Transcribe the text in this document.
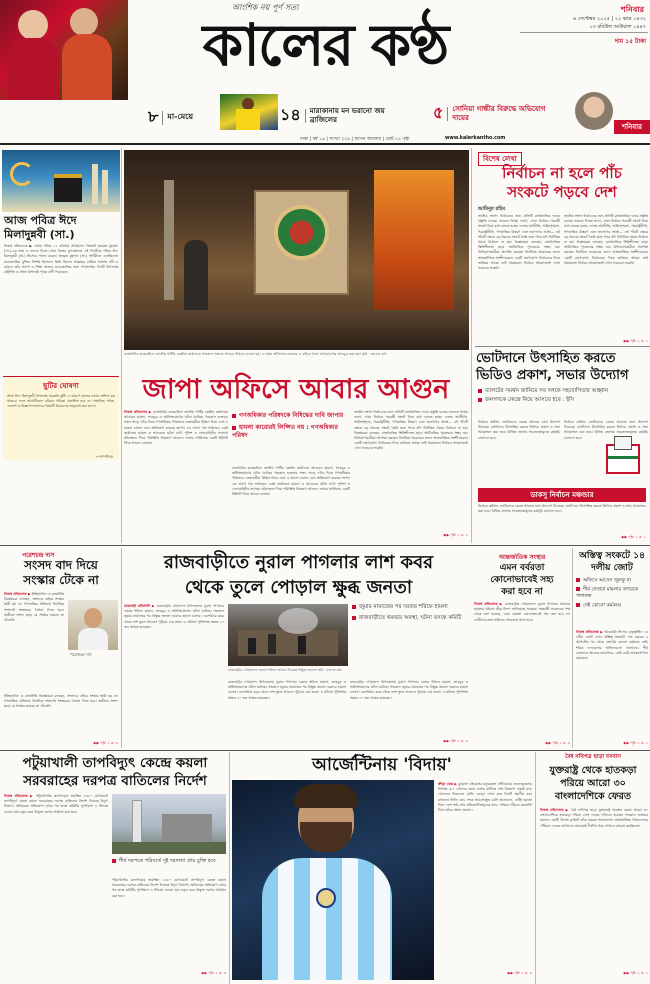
আংশিক নয় পূর্ণ সত্য
কালের কণ্ঠ
শনিবার
৬ সেপ্টেম্বর ২০২৫ | ২২ ভাদ্র ১৪৩২
১৩ রবিউল আউয়াল ১৪৪৭
দাম ১৫ টাকা
৮ মা-মেয়ে	১৪ মারাকানায় মন ভরানো জয় ব্রাজিলের	৫ সোনিয়া গান্ধীর বিরুদ্ধে অভিযোগ দায়ের
ঢাকা | বর্ষ ১৬ | সংখ্যা ২২৯ | আপন আলোয় | মোট ২৪ পৃষ্ঠা	www.kalerkantho.com
শনিবার
আজ পবিত্র ঈদে মিলাদুন্নবী (সা.)
নিজস্ব প্রতিবেদক ▶ আজ পবিত্র ১২ রবিউল আউয়াল। বিশ্বনবী হজরত মুহাম্মদ (সা.)-এর জন্ম ও ওফাত দিবস। সারা বিশ্বের মুসলমানরা এই দিনটিকে পবিত্র ঈদে মিলাদুন্নবী (সা.) হিসেবে পালন করেন। হজরত মুহাম্মদ (সা.) পৃথিবীতে এসেছিলেন মানবজাতির মুক্তির দিশারি হিসেবে। তিনি ছিলেন আল্লাহর প্রেরিত সর্বশেষ নবী ও রাসুল। তাঁর আদর্শ ও শিক্ষা আজও মানবজাতির জন্য পথপ্রদর্শক। দিনটি উপলক্ষে রাষ্ট্রপতি ও প্রধান উপদেষ্টা পৃথক বাণী দিয়েছেন।
ছুটির ঘোষণা
আজ ঈদে মিলাদুন্নবী উপলক্ষে সরকারি ছুটি। এ কারণে কালের কণ্ঠের অফিস বন্ধ থাকবে। ফলে আগামীকাল রবিবার পত্রিকা প্রকাশিত হবে না। সম্মানিত পাঠক, এজেন্ট ও বিজ্ঞাপনদাতাদের বিষয়টি বিবেচনার অনুরোধ করা হলো।
—সম্পাদক
রাজধানীর কাকরাইলে জাতীয় পার্টির কেন্দ্রীয় কার্যালয়ে গতকাল সন্ধ্যার আগুন ধরিয়ে দেওয়া হয়। এ সময় অফিসের ভেতরে ও বাইরে থাকা আসবাবপত্র ভাঙচুর করা হয়। ছবি : কালের কণ্ঠ
জাপা অফিসে আবার আগুন
নিজস্ব প্রতিবেদক ▶ রাজধানীর কাকরাইলে জাতীয় পার্টির কেন্দ্রীয় কার্যালয়ে আবারও হামলা, ভাঙচুর ও অগ্নিসংযোগের ঘটনা ঘটেছে। গতকাল শুক্রবার সন্ধ্যা সাড়ে ৭টার দিকে গণঅধিকার পরিষদের নেতাকর্মীরা মিছিল নিয়ে এসে এ হামলা চালান বলে অভিযোগ করেছে জাপা। এর আগে গত সপ্তাহেও একই কার্যালয়ে হামলা ও আগুনের ঘটনা ঘটে। পুলিশ ও সেনাবাহিনীর সদস্যরা ঘটনাস্থলে গিয়ে পরিস্থিতি নিয়ন্ত্রণে আনেন। ফায়ার সার্ভিসের একটি ইউনিট গিয়ে আগুন নেভায়।
গণঅধিকার পরিষদকে নিষিদ্ধের দাবি জাপার
হামলা কারোরই লিপ্সিত নয় : গণঅধিকার পরিষদ
রাজধানীর কাকরাইলে জাতীয় পার্টির কেন্দ্রীয় কার্যালয়ে আবারও হামলা, ভাঙচুর ও অগ্নিসংযোগের ঘটনা ঘটেছে। গতকাল শুক্রবার সন্ধ্যা সাড়ে ৭টার দিকে গণঅধিকার পরিষদের নেতাকর্মীরা মিছিল নিয়ে এসে এ হামলা চালান বলে অভিযোগ করেছে জাপা। এর আগে গত সপ্তাহেও একই কার্যালয়ে হামলা ও আগুনের ঘটনা ঘটে। পুলিশ ও সেনাবাহিনীর সদস্যরা ঘটনাস্থলে গিয়ে পরিস্থিতি নিয়ন্ত্রণে আনেন। ফায়ার সার্ভিসের একটি ইউনিট গিয়ে আগুন নেভায়।
জাতীয় সংসদ নির্বাচনের জন্য প্রতিটি রাজনৈতিক দলের প্রস্তুতি চলছে। ভাবতে বিস্ময় লাগে, এখন নির্বাচন পরবর্তী সংকট নিয়ে কথা বলতে হচ্ছে। দেশের অর্থনীতি, আইনশৃঙ্খলা, পররাষ্ট্রনীতি, গণতান্ত্রিক উত্তরণ এবং জনগণের আস্থা— এই পাঁচটি ক্ষেত্রে বড় ধরনের সংকট তৈরি হতে পারে যদি নির্ধারিত সময়ে নির্বাচন না হয়। বিশ্লেষকরা বলছেন, রাজনৈতিক স্থিতিশীলতা ছাড়া অর্থনৈতিক পুনরুদ্ধার সম্ভব নয়। বিনিয়োগকারীরা অপেক্ষা করছেন নির্বাচিত সরকারের জন্য। আন্তর্জাতিক অংশীদাররাও একটি গ্রহণযোগ্য নির্বাচনের দিকে তাকিয়ে আছে। তাই সময়মতো নির্বাচন আয়োজনই এখন সবচেয়ে জরুরি।
▶▶ পৃষ্ঠা ২ ক. ২
বিশেষ লেখা
নির্বাচন না হলে পাঁচ
সংকটে পড়বে দেশ
আমিনুর রহিম
জাতীয় সংসদ নির্বাচনের জন্য প্রতিটি রাজনৈতিক দলের প্রস্তুতি চলছে। ভাবতে বিস্ময় লাগে, এখন নির্বাচন পরবর্তী সংকট নিয়ে কথা বলতে হচ্ছে। দেশের অর্থনীতি, আইনশৃঙ্খলা, পররাষ্ট্রনীতি, গণতান্ত্রিক উত্তরণ এবং জনগণের আস্থা— এই পাঁচটি ক্ষেত্রে বড় ধরনের সংকট তৈরি হতে পারে যদি নির্ধারিত সময়ে নির্বাচন না হয়। বিশ্লেষকরা বলছেন, রাজনৈতিক স্থিতিশীলতা ছাড়া অর্থনৈতিক পুনরুদ্ধার সম্ভব নয়। বিনিয়োগকারীরা অপেক্ষা করছেন নির্বাচিত সরকারের জন্য। আন্তর্জাতিক অংশীদাররাও একটি গ্রহণযোগ্য নির্বাচনের দিকে তাকিয়ে আছে। তাই সময়মতো নির্বাচন আয়োজনই এখন সবচেয়ে জরুরি।
জাতীয় সংসদ নির্বাচনের জন্য প্রতিটি রাজনৈতিক দলের প্রস্তুতি চলছে। ভাবতে বিস্ময় লাগে, এখন নির্বাচন পরবর্তী সংকট নিয়ে কথা বলতে হচ্ছে। দেশের অর্থনীতি, আইনশৃঙ্খলা, পররাষ্ট্রনীতি, গণতান্ত্রিক উত্তরণ এবং জনগণের আস্থা— এই পাঁচটি ক্ষেত্রে বড় ধরনের সংকট তৈরি হতে পারে যদি নির্ধারিত সময়ে নির্বাচন না হয়। বিশ্লেষকরা বলছেন, রাজনৈতিক স্থিতিশীলতা ছাড়া অর্থনৈতিক পুনরুদ্ধার সম্ভব নয়। বিনিয়োগকারীরা অপেক্ষা করছেন নির্বাচিত সরকারের জন্য। আন্তর্জাতিক অংশীদাররাও একটি গ্রহণযোগ্য নির্বাচনের দিকে তাকিয়ে আছে। তাই সময়মতো নির্বাচন আয়োজনই এখন সবচেয়ে জরুরি।
▶▶ পৃষ্ঠা ২ ক. ২
ভোটদানে উৎসাহিত করতে
ভিডিও প্রকাশ, সভার উদ্যোগ
ব্যালটের সমর্থন জানিয়ে সব দলকে সহযোগিতার আহ্বান
জনগণকে কেন্দ্রে নিয়ে আসতে হবে : ইসি
নির্বাচন কমিশন ভোটারদের কেন্দ্রে আনতে নানা উদ্যোগ নিয়েছে। ভোটদানে উৎসাহিত করতে ভিডিও প্রকাশ ও সভা আয়োজন করা হবে। বিভিন্ন জেলায় সচেতনতামূলক কর্মসূচি চালানো হবে।
নির্বাচন কমিশন ভোটারদের কেন্দ্রে আনতে নানা উদ্যোগ নিয়েছে। ভোটদানে উৎসাহিত করতে ভিডিও প্রকাশ ও সভা আয়োজন করা হবে। বিভিন্ন জেলায় সচেতনতামূলক কর্মসূচি চালানো হবে।
ডাকসু নির্বাচন মঞ্চন্ডার
নির্বাচন কমিশন ভোটারদের কেন্দ্রে আনতে নানা উদ্যোগ নিয়েছে। ভোটদানে উৎসাহিত করতে ভিডিও প্রকাশ ও সভা আয়োজন করা হবে। বিভিন্ন জেলায় সচেতনতামূলক কর্মসূচি চালানো হবে।
▶▶ পৃষ্ঠা ২ ক. ১
পরেশচন্দ্র দাস
সংসদ বাদ দিয়ে
সংস্কার টেকে না
নিজস্ব প্রতিবেদক ▶ ইতিহাসবিদ ও রাজনীতি বিশ্লেষকরা বলছেন, সংসদের বাইরে সংস্কার স্থায়ী হয় না। গণতান্ত্রিক প্রক্রিয়ায় নির্বাচিত সংসদেই সংস্কারের বৈধতা দিতে হবে। অতীতে সংসদ ছাড়া যে সংস্কার হয়েছে তা টেকেনি।
পরেশচন্দ্র দাস
ইতিহাসবিদ ও রাজনীতি বিশ্লেষকরা বলছেন, সংসদের বাইরে সংস্কার স্থায়ী হয় না। গণতান্ত্রিক প্রক্রিয়ায় নির্বাচিত সংসদেই সংস্কারের বৈধতা দিতে হবে। অতীতে সংসদ ছাড়া যে সংস্কার হয়েছে তা টেকেনি।
▶▶ পৃষ্ঠা ২ ক. ৩
রাজবাড়ীতে নুরাল পাগলার লাশ কবর
থেকে তুলে পোড়াল ক্ষুব্ধ জনতা
রাজবাড়ী প্রতিনিধি ▶ রাজবাড়ীর গোয়ালন্দ উপজেলায় নুরাল পাগলার দরবার শরিফে হামলা, ভাঙচুর ও অগ্নিসংযোগের ঘটনা ঘটেছে। গতকাল জুমার নামাজের পর বিক্ষুব্ধ জনতা দরবারে হামলা চালায়। একপর্যায়ে কবর থেকে লাশ তুলে আগুনে পুড়িয়ে দেয় তারা। এ ঘটনায় পুলিশসহ অন্তত ২০ জন আহত হয়েছেন।
জুমার নামাজের পর দরবার শরিফে হামলা
রাজবাড়ীতে থমথমে অবস্থা, ঘটনা তদন্তে কমিটি
রাজবাড়ীর গোয়ালন্দে দরবার শরিফে আগুন দিয়েছে বিক্ষুব্ধ জনতা। ছবি : কালের কণ্ঠ
রাজবাড়ীর গোয়ালন্দ উপজেলায় নুরাল পাগলার দরবার শরিফে হামলা, ভাঙচুর ও অগ্নিসংযোগের ঘটনা ঘটেছে। গতকাল জুমার নামাজের পর বিক্ষুব্ধ জনতা দরবারে হামলা চালায়। একপর্যায়ে কবর থেকে লাশ তুলে আগুনে পুড়িয়ে দেয় তারা। এ ঘটনায় পুলিশসহ অন্তত ২০ জন আহত হয়েছেন।
রাজবাড়ীর গোয়ালন্দ উপজেলায় নুরাল পাগলার দরবার শরিফে হামলা, ভাঙচুর ও অগ্নিসংযোগের ঘটনা ঘটেছে। গতকাল জুমার নামাজের পর বিক্ষুব্ধ জনতা দরবারে হামলা চালায়। একপর্যায়ে কবর থেকে লাশ তুলে আগুনে পুড়িয়ে দেয় তারা। এ ঘটনায় পুলিশসহ অন্তত ২০ জন আহত হয়েছেন।
▶▶ পৃষ্ঠা ২ ক. ৪
আন্তর্জাতিক সংস্থার
এমন বর্বরতা
কোনোভাবেই সহ্য
করা হবে না
নিজস্ব প্রতিবেদক ▶ রাজবাড়ীর গোয়ালন্দে নুরাল পাগলার মাজারে হামলার ঘটনায় তীব্র নিন্দা জানিয়েছে সরকার। অন্তর্বর্তী সরকারের পক্ষ থেকে বলা হয়েছে, এমন বর্বরতা কোনোভাবেই সহ্য করা হবে না। দোষীদের দ্রুত আইনের আওতায় আনা হবে।
▶▶ পৃষ্ঠা ২ ক. ৩
অস্তিত্ব সংকটে ১৪
দলীয় জোট
অফিসে আসেন জুলফু না
শীর্ষ নেতারা মামলার তদারকে পলাতক
নেই কোনো কর্মকাণ্ড
নিজস্ব প্রতিবেদক ▶ আওয়ামী লীগের নেতৃত্বাধীন ১৪ দলীয় জোট এখন অস্তিত্ব সংকটে। গত বছরের ৫ আগস্টের পর থেকে জোটের কোনো কর্মকাণ্ড নেই। শরিক দলগুলোর অফিসগুলো তালাবদ্ধ। শীর্ষ নেতাদের অনেকে কারাগারে, কেউ কেউ আত্মগোপনে রয়েছেন।
▶▶ পৃষ্ঠা ২ ক. ২
পটুয়াখালী তাপবিদ্যুৎ কেন্দ্রে কয়লা
সরবরাহের দরপত্র বাতিলের নির্দেশ
নিজস্ব প্রতিবেদক ▶ পটুয়াখালীর কলাপাড়ায় অবস্থিত ১৩২০ মেগাওয়াট তাপবিদ্যুৎ কেন্দ্রে কয়লা সরবরাহের দরপত্র বাতিলের নির্দেশ দিয়েছে বিদ্যুৎ বিভাগ। অনিয়মের অভিযোগ ওঠার পর তদন্ত কমিটির সুপারিশে এ সিদ্ধান্ত নেওয়া হয়। নতুন করে উন্মুক্ত দরপত্র আহ্বান করা হবে।
শীর্ষ দরপত্রে পরিবর্তে দুই দরদাতা প্রায় চুক্তি হবে
পটুয়াখালীর কলাপাড়ায় অবস্থিত ১৩২০ মেগাওয়াট তাপবিদ্যুৎ কেন্দ্রে কয়লা সরবরাহের দরপত্র বাতিলের নির্দেশ দিয়েছে বিদ্যুৎ বিভাগ। অনিয়মের অভিযোগ ওঠার পর তদন্ত কমিটির সুপারিশে এ সিদ্ধান্ত নেওয়া হয়। নতুন করে উন্মুক্ত দরপত্র আহ্বান করা হবে।
▶▶ পৃষ্ঠা ২ ক. ৩
আর্জেন্টিনায় 'বিদায়'
ক্রীড়া ডেস্ক ▶ বুয়েনস এইরেসের মনুমেন্তাল স্টেডিয়ামে ভেনেজুয়েলার বিপক্ষে ৩-০ গোলের জয়ে দেশের মাটিতে শেষ বিশ্বকাপ বাছাই ম্যাচ খেললেন লিওনেল মেসি। জোড়া গোল করে দিনটি স্মরণীয় করে রাখলেন তিনি। ম্যাচ শেষে আবেগাপ্লুত মেসি জানালেন, এটিই হয়তো নিজ দেশে তাঁর শেষ প্রতিযোগিতামূলক ম্যাচ। দর্শকরা দাঁড়িয়ে করতালি দিয়ে তাঁকে সম্মান জানান।
▶▶ পৃষ্ঠা ২ ক. ৪
বৈধ নথিপত্র ছাড়া বসবাস
যুক্তরাষ্ট্র থেকে হাতকড়া
পরিয়ে আরো ৩০
বাংলাদেশিকে ফেরত
নিজস্ব প্রতিবেদক ▶ বৈধ নথিপত্র ছাড়া যুক্তরাষ্ট্রে অবস্থান করায় আরো ৩০ বাংলাদেশিকে হাতকড়া পরিয়ে দেশে ফেরত পাঠানো হয়েছে। গতকাল শুক্রবার সকালে একটি বিশেষ ফ্লাইটে তাঁরা হযরত শাহজালাল আন্তর্জাতিক বিমানবন্দরে পৌঁছান। ফেরত আসাদের অনেকেই দীর্ঘদিন ধরে সেখানে বসবাস করছিলেন।
▶▶ পৃষ্ঠা ২ ক. ২
